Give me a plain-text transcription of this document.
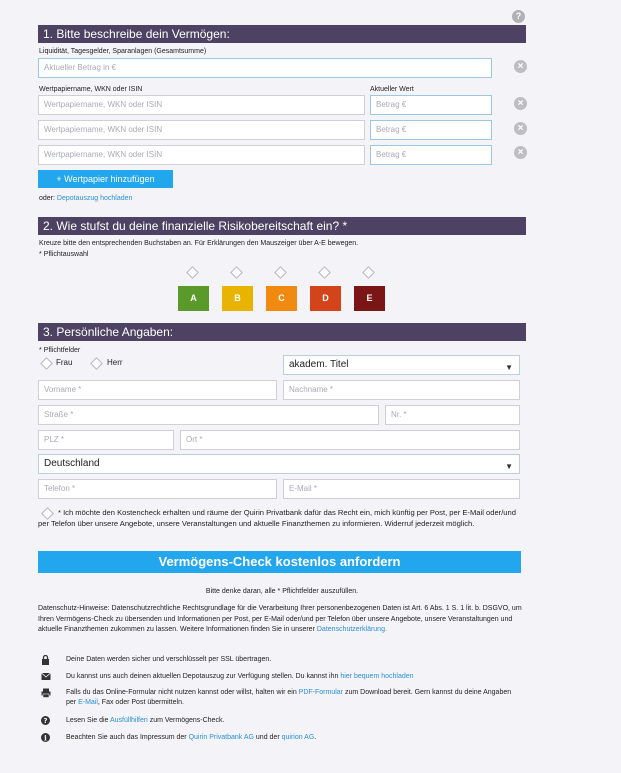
?
1. Bitte beschreibe dein Vermögen:
Liquidität, Tagesgelder, Sparanlagen (Gesamtsumme)
Aktueller Betrag in €	×
Wertpapiername, WKN oder ISIN	Aktueller Wert
Wertpapiername, WKN oder ISIN	Betrag €	×
Wertpapiername, WKN oder ISIN	Betrag €	×
Wertpapiername, WKN oder ISIN	Betrag €	×
+ Wertpapier hinzufügen
oder: Depotauszug hochladen
2. Wie stufst du deine finanzielle Risikobereitschaft ein? *
Kreuze bitte den entsprechenden Buchstaben an. Für Erklärungen den Mauszeiger über A-E bewegen.
* Pflichtauswahl
A	B	C	D	E
3. Persönliche Angaben:
* Pflichtfelder
Frau	Herr	akadem. Titel	▼
Vorname *	Nachname *
Straße *	Nr. *
PLZ *	Ort *
Deutschland	▼
Telefon *	E-Mail *
* Ich möchte den Kostencheck erhalten und räume der Quirin Privatbank dafür das Recht ein, mich künftig per Post, per E-Mail oder/und per Telefon über unsere Angebote, unsere Veranstaltungen und aktuelle Finanzthemen zu informieren. Widerruf jederzeit möglich.
Vermögens-Check kostenlos anfordern
Bitte denke daran, alle * Pflichtfelder auszufüllen.
Datenschutz-Hinweise: Datenschutzrechtliche Rechtsgrundlage für die Verarbeitung Ihrer personenbezogenen Daten ist Art. 6 Abs. 1 S. 1 lit. b. DSGVO, um Ihren Vermögens-Check zu übersenden und Informationen per Post, per E-Mail oder/und per Telefon über unsere Angebote, unsere Veranstaltungen und aktuelle Finanzthemen zukommen zu lassen. Weitere Informationen finden Sie in unserer Datenschutzerklärung.
Deine Daten werden sicher und verschlüsselt per SSL übertragen.
Du kannst uns auch deinen aktuellen Depotauszug zur Verfügung stellen. Du kannst ihn hier bequem hochladen
Falls du das Online-Formular nicht nutzen kannst oder willst, halten wir ein PDF-Formular zum Download bereit. Gern kannst du deine Angaben per E-Mail, Fax oder Post übermitteln.
?	Lesen Sie die Ausfüllhilfen zum Vermögens-Check.
i	Beachten Sie auch das Impressum der Quirin Privatbank AG und der quirion AG.
